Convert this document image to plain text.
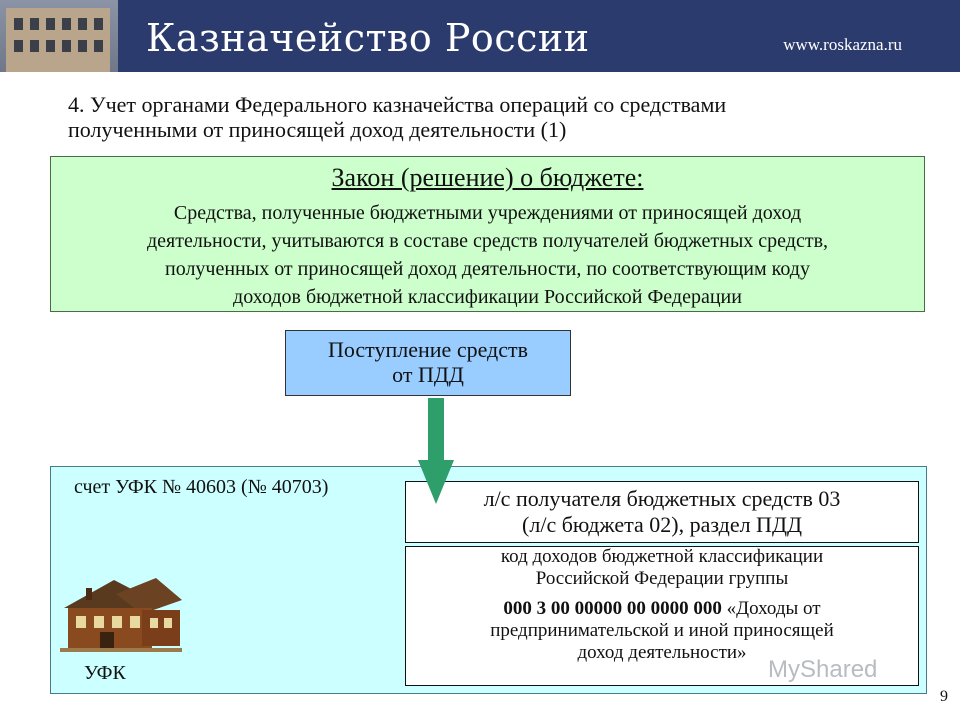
Казначейство России	www.roskazna.ru
4. Учет органами Федерального казначейства операций со средствами
полученными от приносящей доход деятельности (1)
Закон (решение) о бюджете:
Средства, полученные бюджетными учреждениями от приносящей доход
деятельности, учитываются в составе средств получателей бюджетных средств,
полученных от приносящей доход деятельности, по соответствующим коду
доходов бюджетной классификации Российской Федерации
Поступление средств
от ПДД
счет УФК № 40603 (№ 40703)
УФК
л/с получателя бюджетных средств 03
(л/с бюджета 02), раздел ПДД
код доходов бюджетной классификации
Российской Федерации группы
000 3 00 00000 00 0000 000 «Доходы от
предпринимательской и иной приносящей
доход деятельности»
MyShared
9
